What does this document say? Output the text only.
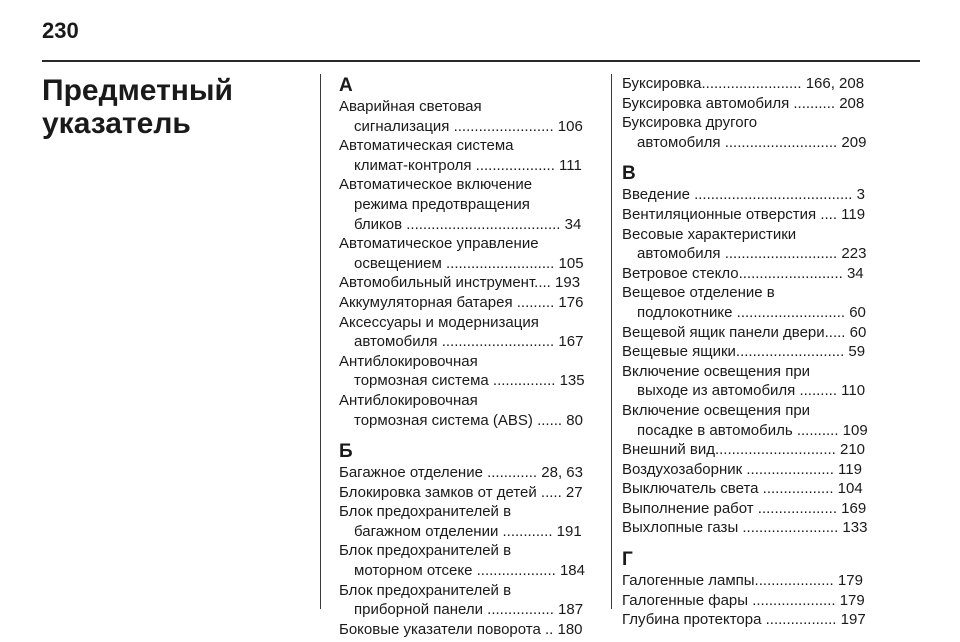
230
Предметный
указатель
А
Аварийная световая
сигнализация ........................ 106
Автоматическая система
климат-контроля ................... 111
Автоматическое включение
режима предотвращения
бликов ..................................... 34
Автоматическое управление
освещением .......................... 105
Автомобильный инструмент.... 193
Аккумуляторная батарея ......... 176
Аксессуары и модернизация
автомобиля ........................... 167
Антиблокировочная
тормозная система ............... 135
Антиблокировочная
тормозная система (ABS) ...... 80
Б
Багажное отделение ............ 28, 63
Блокировка замков от детей ..... 27
Блок предохранителей в
багажном отделении ............ 191
Блок предохранителей в
моторном отсеке ................... 184
Блок предохранителей в
приборной панели ................ 187
Боковые указатели поворота .. 180
Буксировка........................ 166, 208
Буксировка автомобиля .......... 208
Буксировка другого
автомобиля ........................... 209
В
Введение ...................................... 3
Вентиляционные отверстия .... 119
Весовые характеристики
автомобиля ........................... 223
Ветровое стекло......................... 34
Вещевое отделение в
подлокотнике .......................... 60
Вещевой ящик панели двери..... 60
Вещевые ящики.......................... 59
Включение освещения при
выходе из автомобиля ......... 110
Включение освещения при
посадке в автомобиль .......... 109
Внешний вид............................. 210
Воздухозаборник ..................... 119
Выключатель света ................. 104
Выполнение работ ................... 169
Выхлопные газы ....................... 133
Г
Галогенные лампы................... 179
Галогенные фары .................... 179
Глубина протектора ................. 197
